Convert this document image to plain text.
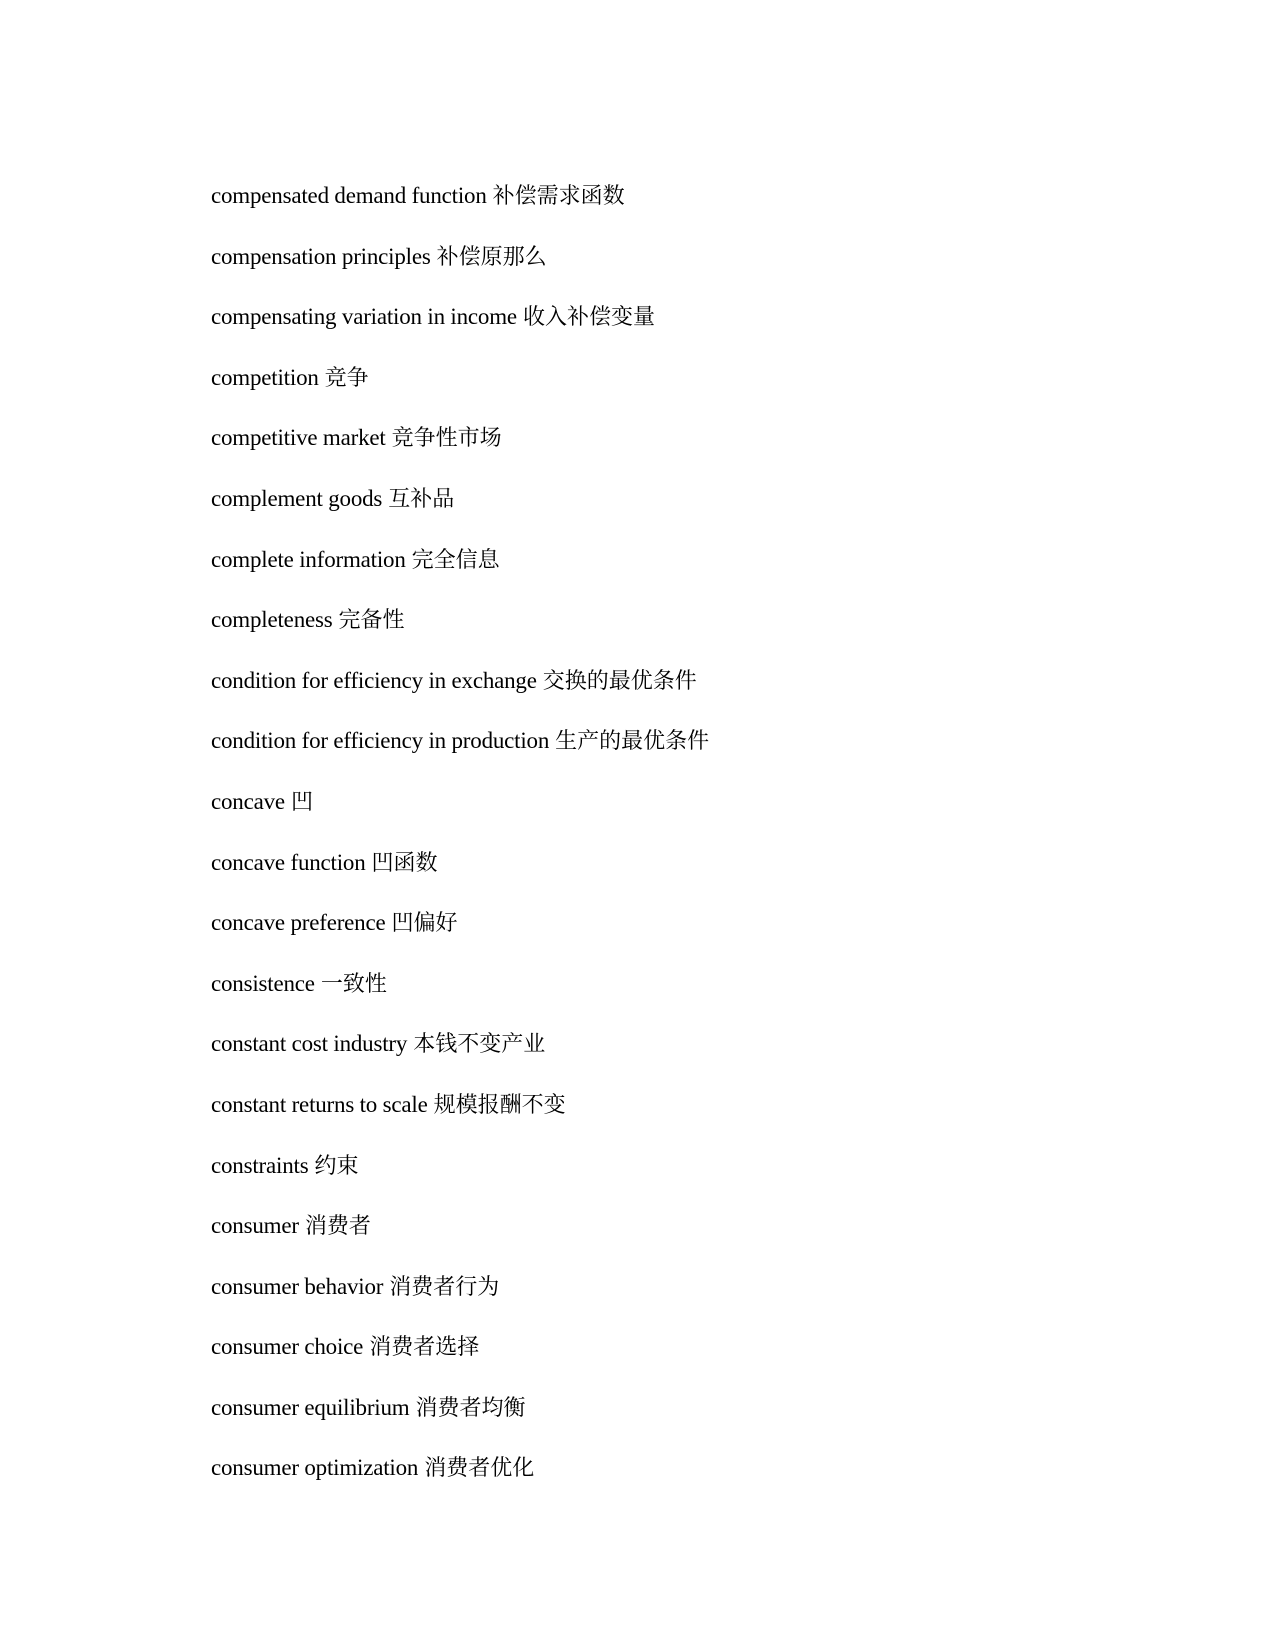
compensated demand function 补偿需求函数
compensation principles 补偿原那么
compensating variation in income 收入补偿变量
competition 竞争
competitive market 竞争性市场
complement goods 互补品
complete information 完全信息
completeness 完备性
condition for efficiency in exchange 交换的最优条件
condition for efficiency in production 生产的最优条件
concave 凹
concave function 凹函数
concave preference 凹偏好
consistence 一致性
constant cost industry 本钱不变产业
constant returns to scale 规模报酬不变
constraints 约束
consumer 消费者
consumer behavior 消费者行为
consumer choice 消费者选择
consumer equilibrium 消费者均衡
consumer optimization 消费者优化
